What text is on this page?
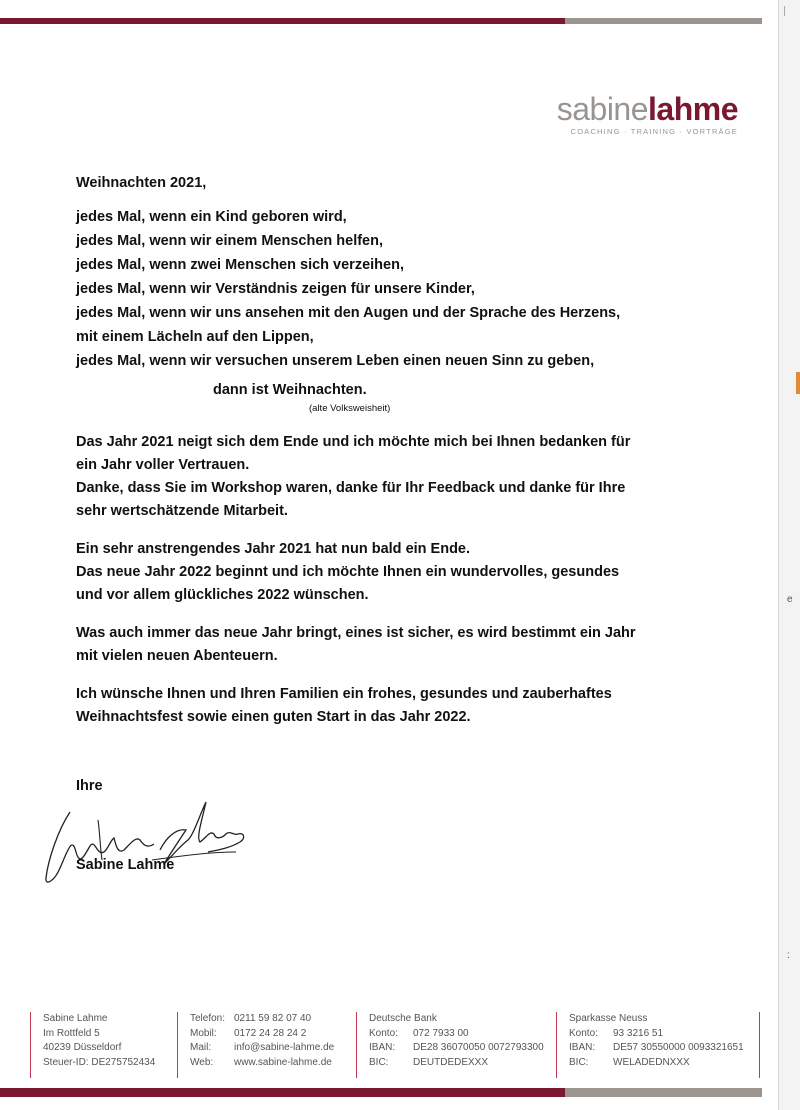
sabinelahme
COACHING · TRAINING · VORTRÄGE

Weihnachten 2021,

jedes Mal, wenn ein Kind geboren wird,

jedes Mal, wenn wir einem Menschen helfen,

jedes Mal, wenn zwei Menschen sich verzeihen,

jedes Mal, wenn wir Verständnis zeigen für unsere Kinder,

jedes Mal, wenn wir uns ansehen mit den Augen und der Sprache des Herzens,

mit einem Lächeln auf den Lippen,

jedes Mal, wenn wir versuchen unserem Leben einen neuen Sinn zu geben,

dann ist Weihnachten.

(alte Volksweisheit)

Das Jahr 2021 neigt sich dem Ende und ich möchte mich bei Ihnen bedanken für

ein Jahr voller Vertrauen.

Danke, dass Sie im Workshop waren, danke für Ihr Feedback und danke für Ihre

sehr wertschätzende Mitarbeit.

Ein sehr anstrengendes Jahr 2021 hat nun bald ein Ende.

Das neue Jahr 2022 beginnt und ich möchte Ihnen ein wundervolles, gesundes

und vor allem glückliches 2022 wünschen.

Was auch immer das neue Jahr bringt, eines ist sicher, es wird bestimmt ein Jahr

mit vielen neuen Abenteuern.

Ich wünsche Ihnen und Ihren Familien ein frohes, gesundes und zauberhaftes

Weihnachtsfest sowie einen guten Start in das Jahr 2022.

Ihre
Sabine Lahme
Sabine Lahme
Im Rottfeld 5
40239 Düsseldorf
Steuer-ID: DE275752434
Telefon: 0211 59 82 07 40
Mobil: 0172 24 28 24 2
Mail: info@sabine-lahme.de
Web: www.sabine-lahme.de
Deutsche Bank
Konto: 072 7933 00
IBAN: DE28 36070050 0072793300
BIC: DEUTDEDEXXX
Sparkasse Neuss
Konto: 93 3216 51
IBAN: DE57 30550000 0093321651
BIC: WELADEDNXXX
e
:
